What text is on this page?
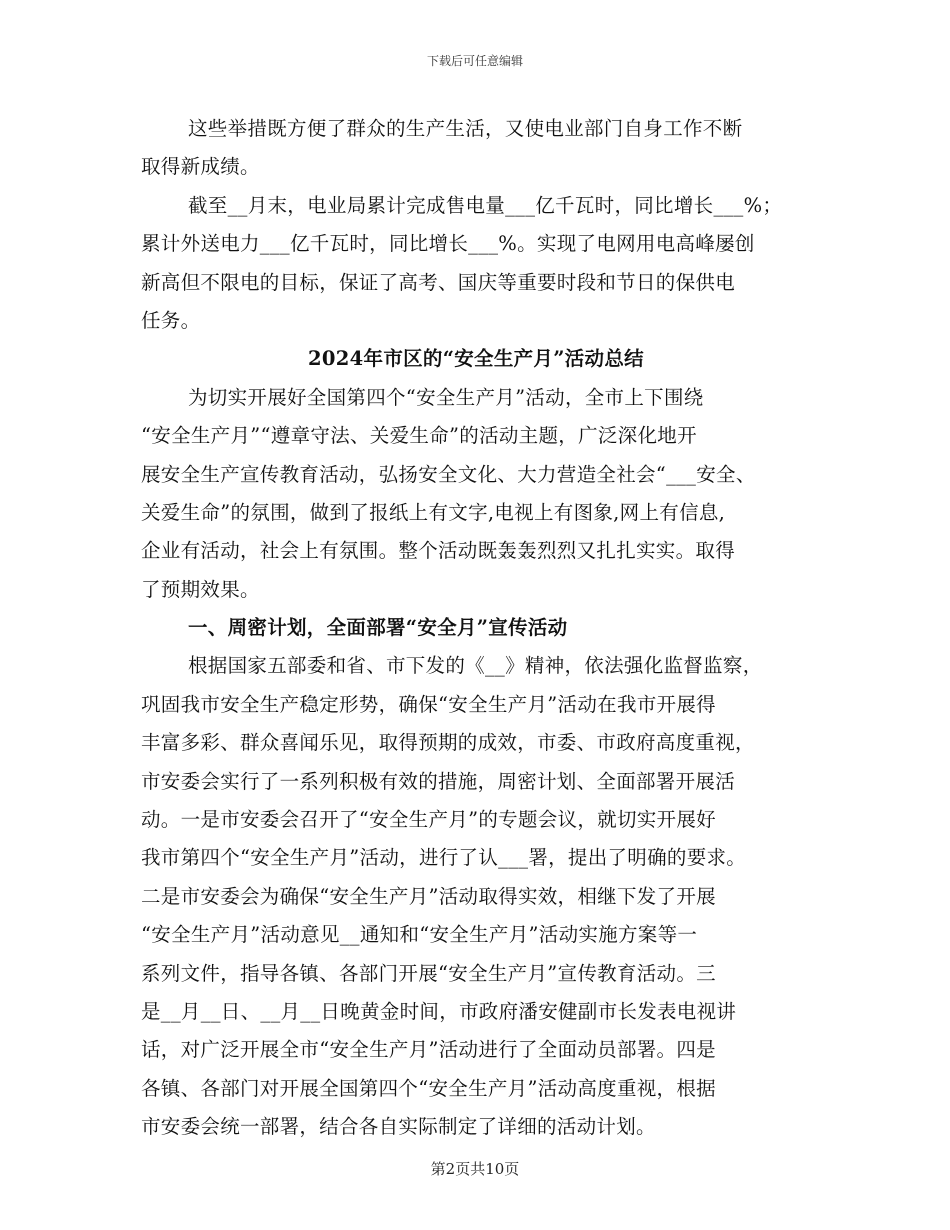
下载后可任意编辑
这些举措既方便了群众的生产生活，又使电业部门自身工作不断
取得新成绩。
截至__月末，电业局累计完成售电量___亿千瓦时，同比增长___%；
累计外送电力___亿千瓦时，同比增长___%。实现了电网用电高峰屡创
新高但不限电的目标，保证了高考、国庆等重要时段和节日的保供电
任务。
2024年市区的“安全生产月”活动总结
为切实开展好全国第四个“安全生产月”活动，全市上下围绕
“安全生产月”“遵章守法、关爱生命”的活动主题，广泛深化地开
展安全生产宣传教育活动，弘扬安全文化、大力营造全社会“___安全、
关爱生命”的氛围，做到了报纸上有文字,电视上有图象,网上有信息,
企业有活动，社会上有氛围。整个活动既轰轰烈烈又扎扎实实。取得
了预期效果。
一、周密计划，全面部署“安全月”宣传活动
根据国家五部委和省、市下发的《__》精神，依法强化监督监察，
巩固我市安全生产稳定形势，确保“安全生产月”活动在我市开展得
丰富多彩、群众喜闻乐见，取得预期的成效，市委、市政府高度重视，
市安委会实行了一系列积极有效的措施，周密计划、全面部署开展活
动。一是市安委会召开了“安全生产月”的专题会议，就切实开展好
我市第四个“安全生产月”活动，进行了认___署，提出了明确的要求。
二是市安委会为确保“安全生产月”活动取得实效，相继下发了开展
“安全生产月”活动意见__通知和“安全生产月”活动实施方案等一
系列文件，指导各镇、各部门开展“安全生产月”宣传教育活动。三
是__月__日、__月__日晚黄金时间，市政府潘安健副市长发表电视讲
话，对广泛开展全市“安全生产月”活动进行了全面动员部署。四是
各镇、各部门对开展全国第四个“安全生产月”活动高度重视，根据
市安委会统一部署，结合各自实际制定了详细的活动计划。
第2页共10页
